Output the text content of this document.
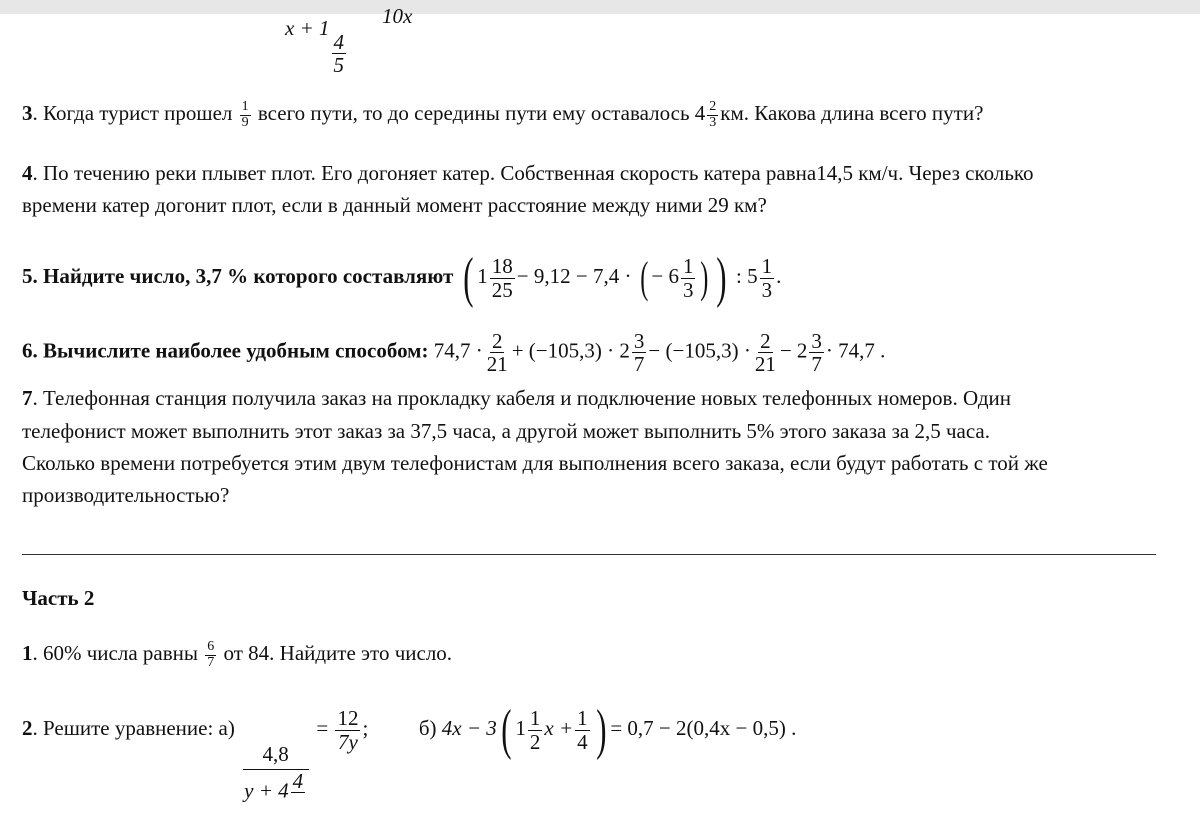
x + 1
$\frac{4}{5}$
10x
3. Когда турист прошел $\frac{1}{9}$ всего пути, то до середины пути ему оставалось $4 \frac{2}{3}$ км. Какова длина всего пути?
4. По течению реки плывет плот. Его догоняет катер. Собственная скорость катера равна14,5 км/ч. Через сколько
времени катер догонит плот, если в данный момент расстояние между ними 29 км?
5. Найдите число, 3,7 % которого составляют ( $1 \frac{18}{25} - 9,12 - 7,4$ · ( − $6 \frac{1}{3}$ ) ) : $5 \frac{1}{3}$ .
6. Вычислите наиболее удобным способом: $74,7 \cdot \frac{2}{21} + (-105,3) \cdot 2 \frac{3}{7} - (-105,3) \cdot \frac{2}{21} - 2 \frac{3}{7} \cdot 74,7$ .
7. Телефонная станция получила заказ на прокладку кабеля и подключение новых телефонных номеров. Один
телефонист может выполнить этот заказ за 37,5 часа, а другой может выполнить 5% этого заказа за 2,5 часа.
Сколько времени потребуется этим двум телефонистам для выполнения всего заказа, если будут работать с той же
производительностью?
Часть 2
1. 60% числа равны $\frac{6}{7}$ от 84. Найдите это число.
2. Решите уравнение: а)
$\frac{4,8}{y + 4 4}$

= $\frac{12}{7y}$ ; б) 4x − 3( $1 \frac{1}{2}$ $x + \frac{1}{4}$ ) = 0,7 − 2(0,4x − 0,5) .
